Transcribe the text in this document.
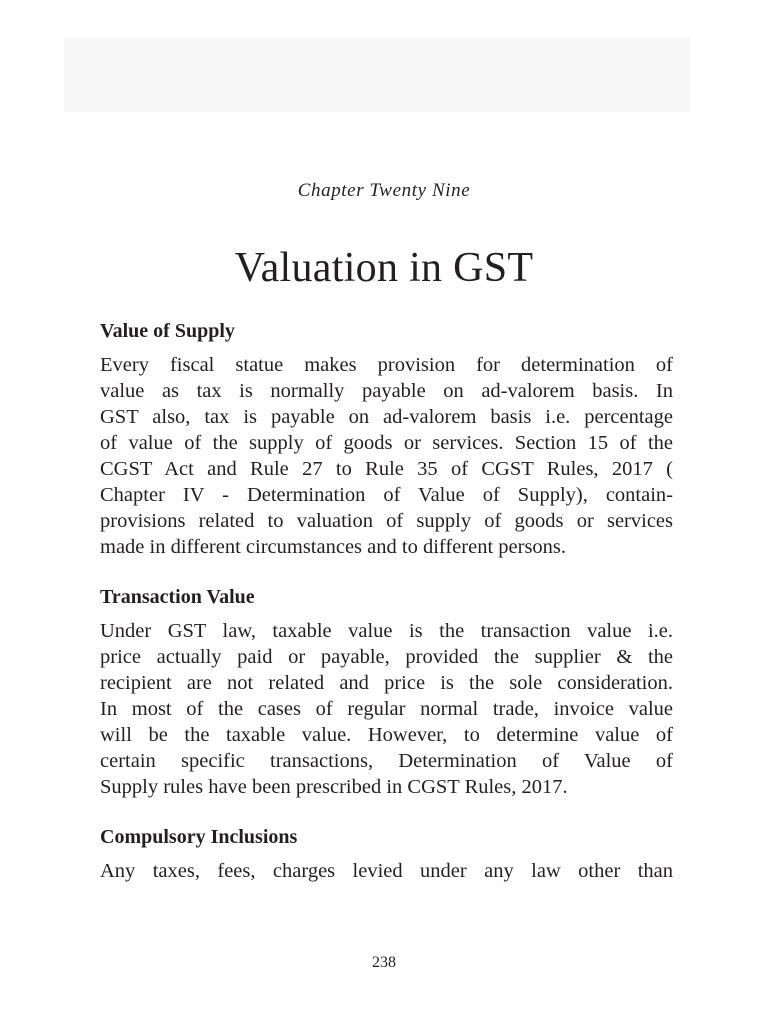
Chapter Twenty Nine
Valuation in GST
Value of Supply
Every fiscal statue makes provision for determination of
value as tax is normally payable on ad-valorem basis. In
GST also, tax is payable on ad-valorem basis i.e. percentage
of value of the supply of goods or services. Section 15 of the
CGST Act and Rule 27 to Rule 35 of CGST Rules, 2017 (
Chapter IV - Determination of Value of Supply), contain-
provisions related to valuation of supply of goods or services
made in different circumstances and to different persons.
Transaction Value
Under GST law, taxable value is the transaction value i.e.
price actually paid or payable, provided the supplier & the
recipient are not related and price is the sole consideration.
In most of the cases of regular normal trade, invoice value
will be the taxable value. However, to determine value of
certain specific transactions, Determination of Value of
Supply rules have been prescribed in CGST Rules, 2017.
Compulsory Inclusions
Any taxes, fees, charges levied under any law other than
238
